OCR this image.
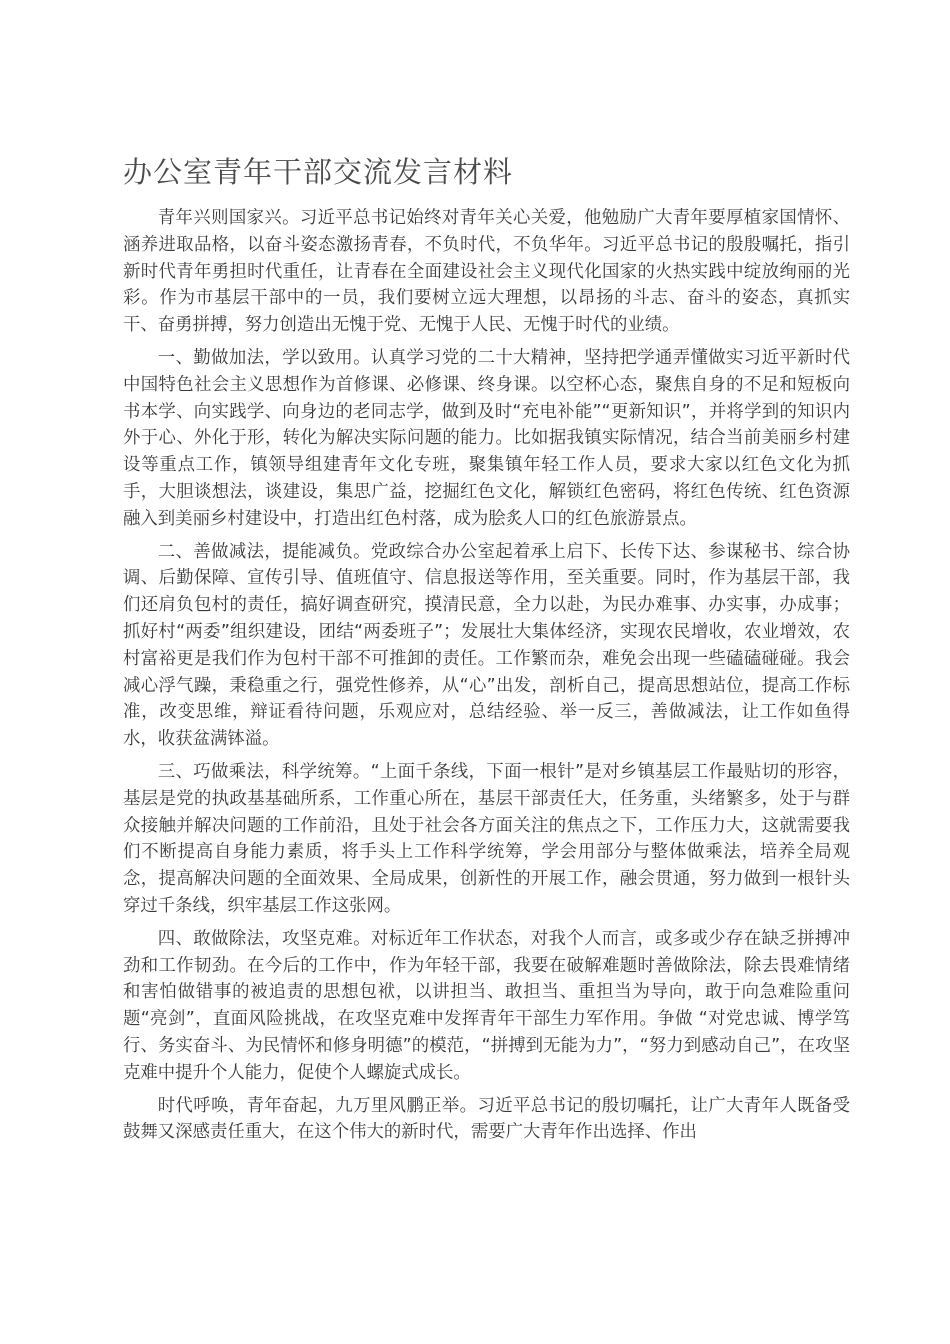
办公室青年干部交流发言材料

青年兴则国家兴。习近平总书记始终对青年关心关爱，他勉励广大青年要厚植家国情怀、涵养进取品格，以奋斗姿态激扬青春，不负时代，不负华年。习近平总书记的殷殷嘱托，指引新时代青年勇担时代重任，让青春在全面建设社会主义现代化国家的火热实践中绽放绚丽的光彩。作为市基层干部中的一员，我们要树立远大理想，以昂扬的斗志、奋斗的姿态，真抓实干、奋勇拼搏，努力创造出无愧于党、无愧于人民、无愧于时代的业绩。

一、勤做加法，学以致用。认真学习党的二十大精神，坚持把学通弄懂做实习近平新时代中国特色社会主义思想作为首修课、必修课、终身课。以空杯心态，聚焦自身的不足和短板向书本学、向实践学、向身边的老同志学，做到及时“充电补能”“更新知识”，并将学到的知识内外于心、外化于形，转化为解决实际问题的能力。比如据我镇实际情况，结合当前美丽乡村建设等重点工作，镇领导组建青年文化专班，聚集镇年轻工作人员，要求大家以红色文化为抓手，大胆谈想法，谈建设，集思广益，挖掘红色文化，解锁红色密码，将红色传统、红色资源融入到美丽乡村建设中，打造出红色村落，成为脍炙人口的红色旅游景点。

二、善做减法，提能减负。党政综合办公室起着承上启下、长传下达、参谋秘书、综合协调、后勤保障、宣传引导、值班值守、信息报送等作用，至关重要。同时，作为基层干部，我们还肩负包村的责任，搞好调查研究，摸清民意，全力以赴，为民办难事、办实事，办成事；抓好村“两委”组织建设，团结“两委班子”；发展壮大集体经济，实现农民增收，农业增效，农村富裕更是我们作为包村干部不可推卸的责任。工作繁而杂，难免会出现一些磕磕碰碰。我会减心浮气躁，秉稳重之行，强党性修养，从“心”出发，剖析自己，提高思想站位，提高工作标准，改变思维，辩证看待问题，乐观应对，总结经验、举一反三，善做减法，让工作如鱼得水，收获盆满钵溢。

三、巧做乘法，科学统筹。“上面千条线，下面一根针”是对乡镇基层工作最贴切的形容，基层是党的执政基基础所系，工作重心所在，基层干部责任大，任务重，头绪繁多，处于与群众接触并解决问题的工作前沿，且处于社会各方面关注的焦点之下，工作压力大，这就需要我们不断提高自身能力素质，将手头上工作科学统筹，学会用部分与整体做乘法，培养全局观念，提高解决问题的全面效果、全局成果，创新性的开展工作，融会贯通，努力做到一根针头穿过千条线，织牢基层工作这张网。

四、敢做除法，攻坚克难。对标近年工作状态，对我个人而言，或多或少存在缺乏拼搏冲劲和工作韧劲。在今后的工作中，作为年轻干部，我要在破解难题时善做除法，除去畏难情绪和害怕做错事的被追责的思想包袱，以讲担当、敢担当、重担当为导向，敢于向急难险重问题“亮剑”，直面风险挑战，在攻坚克难中发挥青年干部生力军作用。争做 “对党忠诚、博学笃行、务实奋斗、为民情怀和修身明德”的模范，“拼搏到无能为力”，“努力到感动自己”，在攻坚克难中提升个人能力，促使个人螺旋式成长。

时代呼唤，青年奋起，九万里风鹏正举。习近平总书记的殷切嘱托，让广大青年人既备受鼓舞又深感责任重大，在这个伟大的新时代，需要广大青年作出选择、作出
